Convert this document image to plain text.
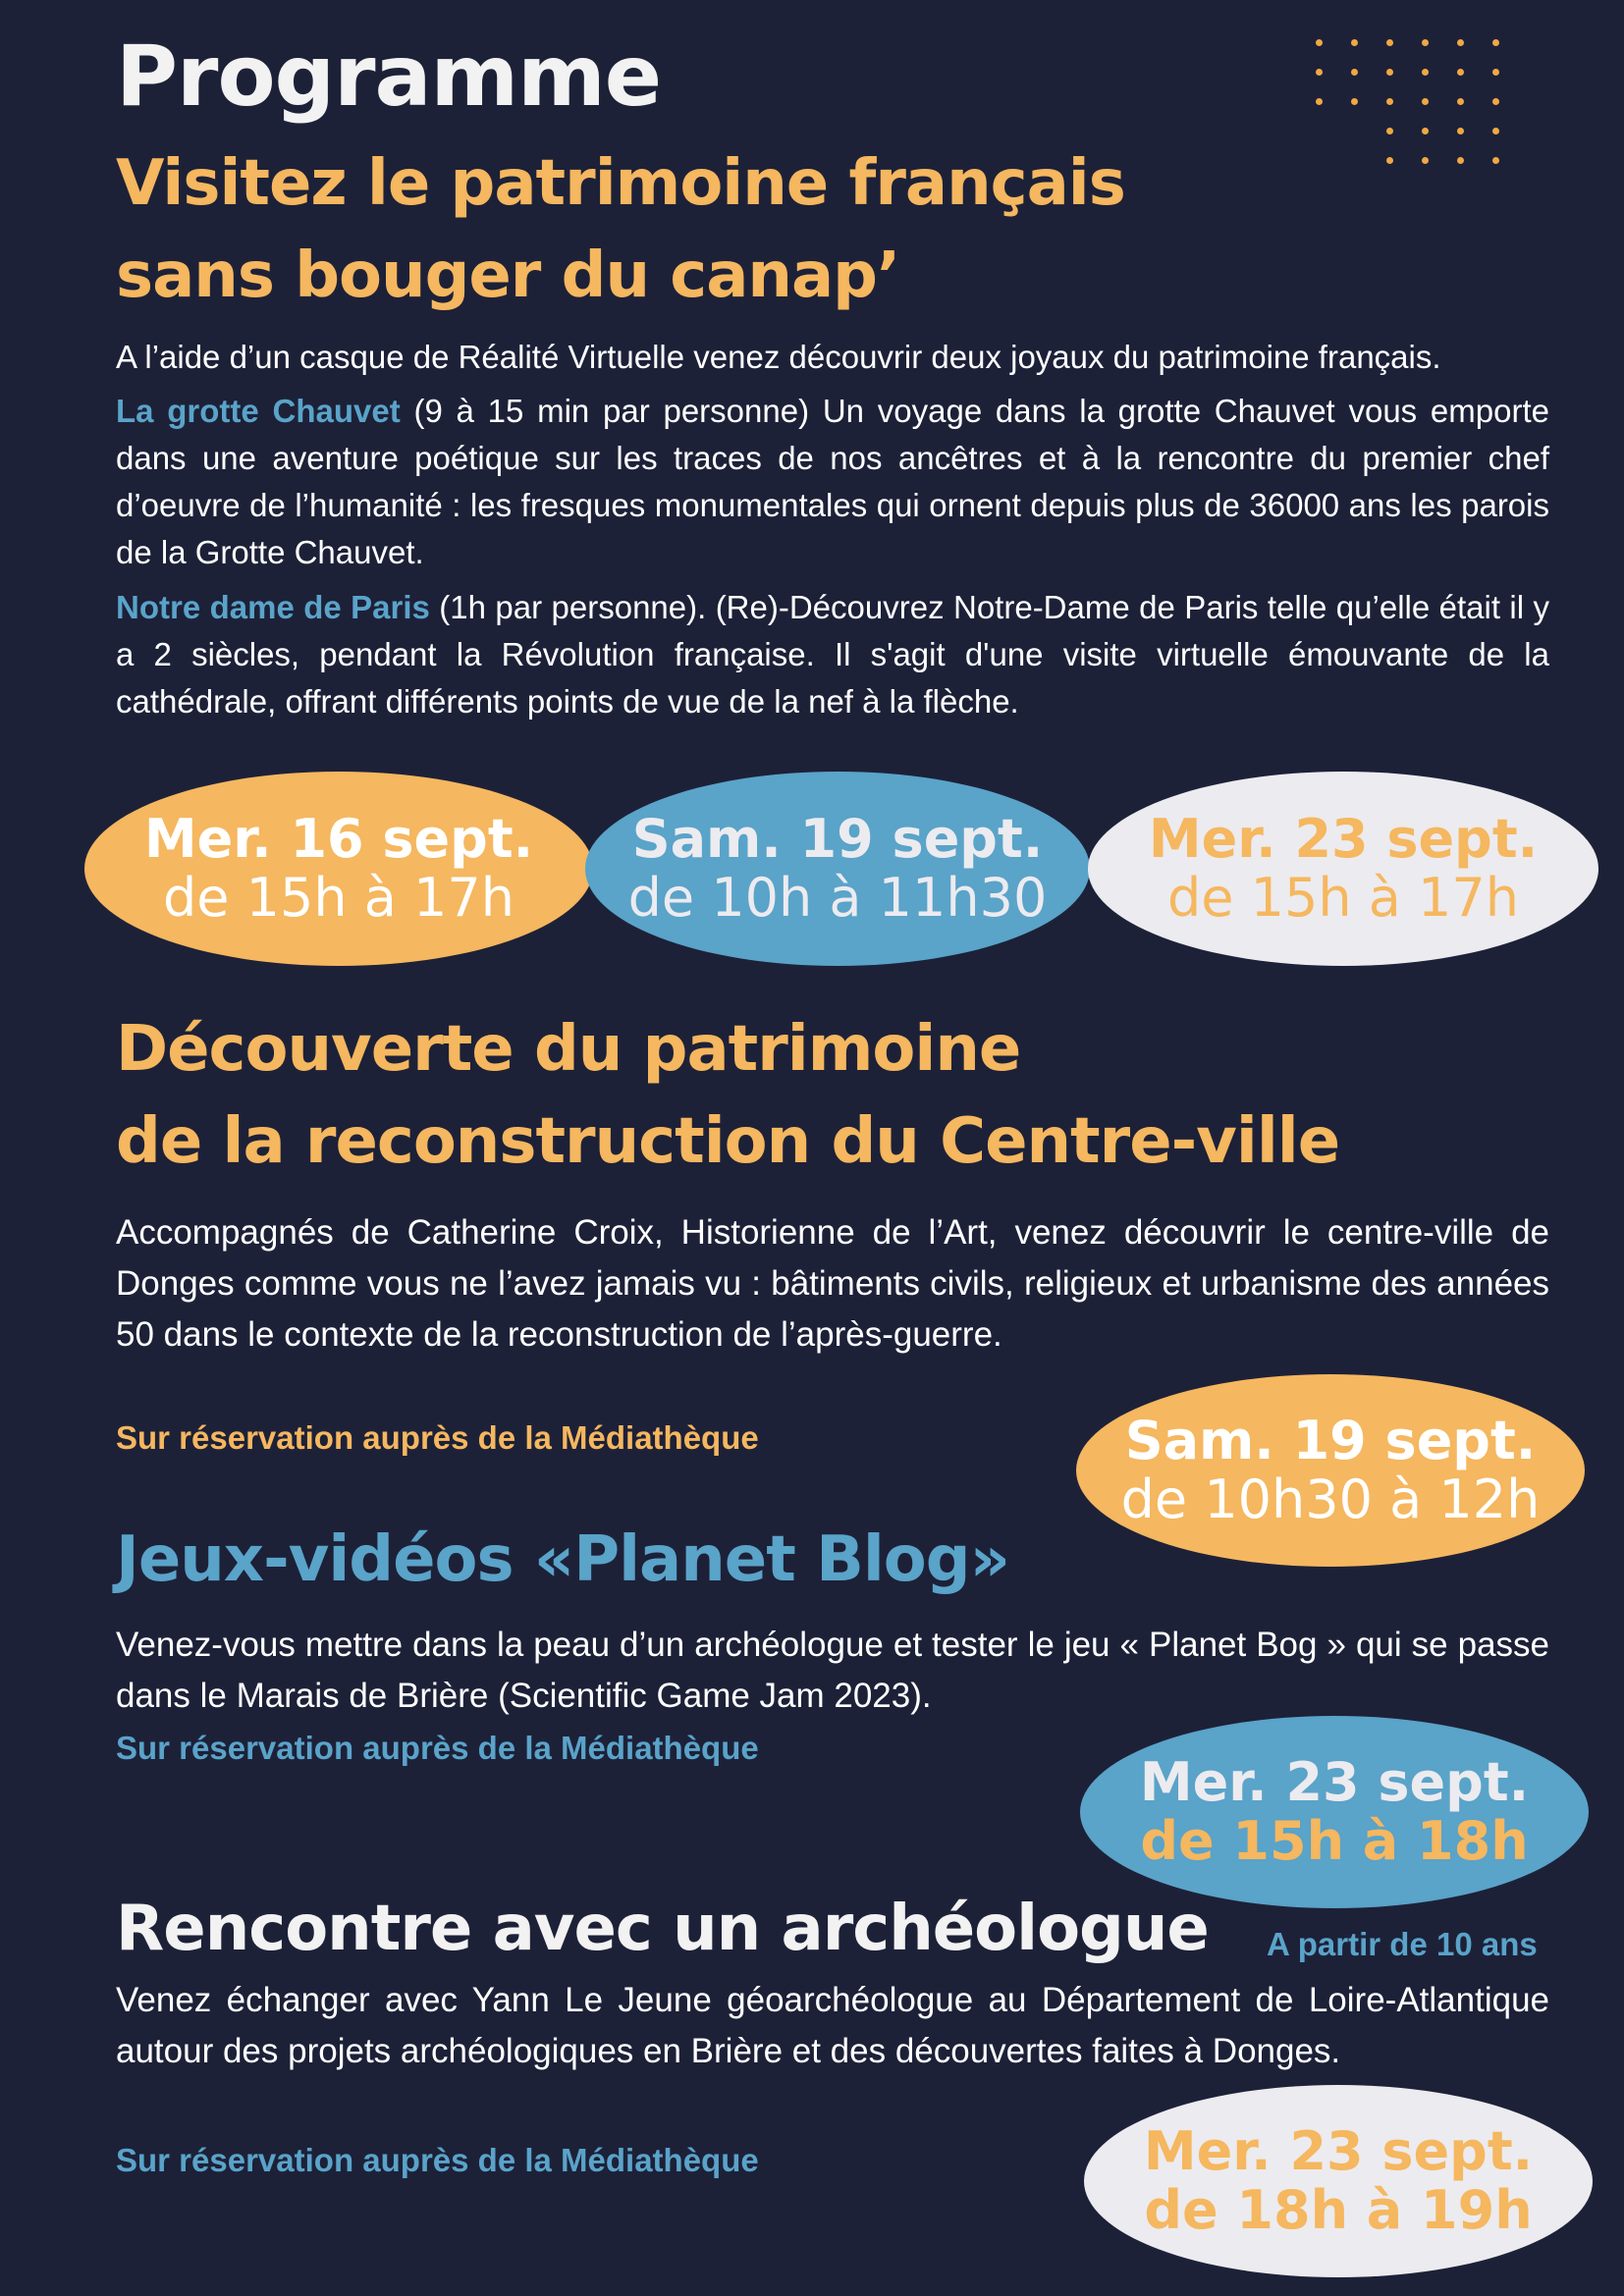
Programme
Visitez le patrimoine français
sans bouger du canap’
A l’aide d’un casque de Réalité Virtuelle venez découvrir deux joyaux du patrimoine français.
La grotte Chauvet (9 à 15 min par personne) Un voyage dans la grotte Chauvet vous emporte dans une aventure poétique sur les traces de nos ancêtres et à la rencontre du premier chef d’oeuvre de l’humanité : les fresques monumentales qui ornent depuis plus de 36000 ans les parois de la Grotte Chauvet.
Notre dame de Paris (1h par personne). (Re)-Découvrez Notre-Dame de Paris telle qu’elle était il y a 2 siècles, pendant la Révolution française. Il s'agit d'une visite virtuelle émouvante de la cathédrale, offrant différents points de vue de la nef à la flèche.
Mer. 16 sept.
de 15h à 17h
Sam. 19 sept.
de 10h à 11h30
Mer. 23 sept.
de 15h à 17h
Découverte du patrimoine
de la reconstruction du Centre-ville
Accompagnés de Catherine Croix, Historienne de l’Art, venez découvrir le centre-ville de Donges comme vous ne l’avez jamais vu : bâtiments civils, religieux et urbanisme des années 50 dans le contexte de la reconstruction de l’après-guerre.
Sur réservation auprès de la Médiathèque	Sam. 19 sept.
de 10h30 à 12h
Jeux-vidéos «Planet Blog»
Venez-vous mettre dans la peau d’un archéologue et tester le jeu « Planet Bog » qui se passe dans le Marais de Brière (Scientific Game Jam 2023).
Sur réservation auprès de la Médiathèque
Mer. 23 sept.
de 15h à 18h
Rencontre avec un archéologue A partir de 10 ans
Venez échanger avec Yann Le Jeune géoarchéologue au Département de Loire-Atlantique autour des projets archéologiques en Brière et des découvertes faites à Donges.
Sur réservation auprès de la Médiathèque	Mer. 23 sept.
de 18h à 19h
